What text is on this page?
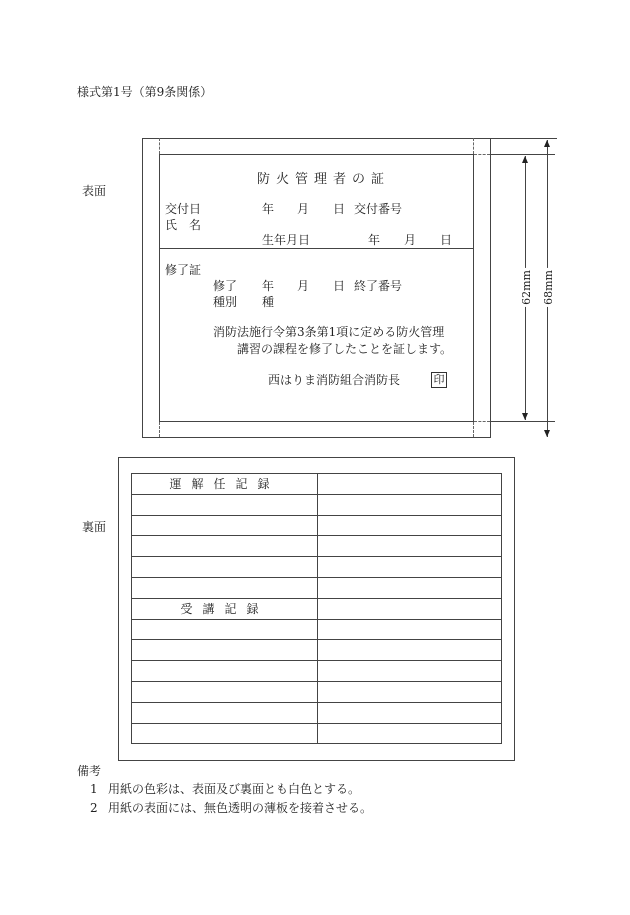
様式第1号（第9条関係）
表面
防火管理者の証
交付日	年 月 日 交付番号
氏　名
生年月日	年 月 日
修了証
修了 年 月 日 終了番号
種別 種
消防法施行令第3条第1項に定める防火管理
講習の課程を修了したことを証します。
西はりま消防組合消防長	印
62mm 68mm
裏面
運解任記録	

受講記録	

備考
1 用紙の色彩は、表面及び裏面とも白色とする。
2 用紙の表面には、無色透明の薄板を接着させる。
